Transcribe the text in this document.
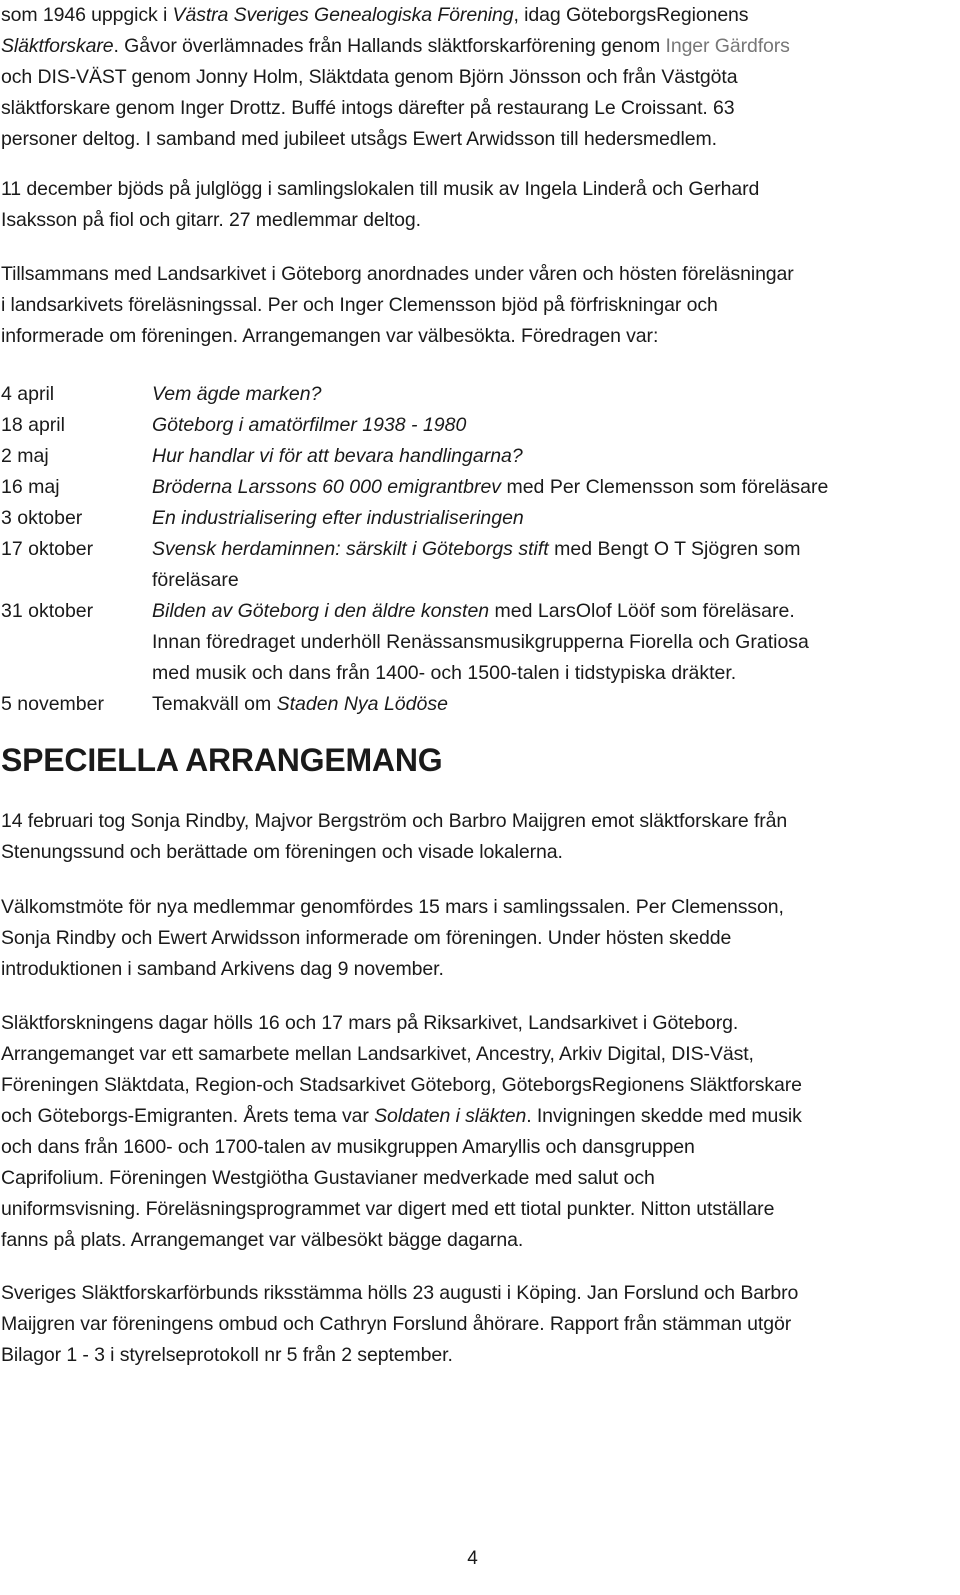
som 1946 uppgick i Västra Sveriges Genealogiska Förening, idag GöteborgsRegionens
Släktforskare. Gåvor överlämnades från Hallands släktforskarförening genom Inger Gärdfors
och DIS-VÄST genom Jonny Holm, Släktdata genom Björn Jönsson och från Västgöta
släktforskare genom Inger Drottz. Buffé intogs därefter på restaurang Le Croissant. 63
personer deltog. I samband med jubileet utsågs Ewert Arwidsson till hedersmedlem.
11 december bjöds på julglögg i samlingslokalen till musik av Ingela Linderå och Gerhard
Isaksson på fiol och gitarr. 27 medlemmar deltog.
Tillsammans med Landsarkivet i Göteborg anordnades under våren och hösten föreläsningar
i landsarkivets föreläsningssal. Per och Inger Clemensson bjöd på förfriskningar och
informerade om föreningen. Arrangemangen var välbesökta. Föredragen var:
4 april	Vem ägde marken?
18 april	Göteborg i amatörfilmer 1938 - 1980
2 maj	Hur handlar vi för att bevara handlingarna?
16 maj	Bröderna Larssons 60 000 emigrantbrev med Per Clemensson som föreläsare
3 oktober	En industrialisering efter industrialiseringen
17 oktober	Svensk herdaminnen: särskilt i Göteborgs stift med Bengt O T Sjögren som
föreläsare
31 oktober	Bilden av Göteborg i den äldre konsten med LarsOlof Lööf som föreläsare.
Innan föredraget underhöll Renässansmusikgrupperna Fiorella och Gratiosa
med musik och dans från 1400- och 1500-talen i tidstypiska dräkter.
5 november	Temakväll om Staden Nya Lödöse
SPECIELLA ARRANGEMANG
14 februari tog Sonja Rindby, Majvor Bergström och Barbro Maijgren emot släktforskare från
Stenungssund och berättade om föreningen och visade lokalerna.
Välkomstmöte för nya medlemmar genomfördes 15 mars i samlingssalen. Per Clemensson,
Sonja Rindby och Ewert Arwidsson informerade om föreningen. Under hösten skedde
introduktionen i samband Arkivens dag 9 november.
Släktforskningens dagar hölls 16 och 17 mars på Riksarkivet, Landsarkivet i Göteborg.
Arrangemanget var ett samarbete mellan Landsarkivet, Ancestry, Arkiv Digital, DIS-Väst,
Föreningen Släktdata, Region-och Stadsarkivet Göteborg, GöteborgsRegionens Släktforskare
och Göteborgs-Emigranten. Årets tema var Soldaten i släkten. Invigningen skedde med musik
och dans från 1600- och 1700-talen av musikgruppen Amaryllis och dansgruppen
Caprifolium. Föreningen Westgiötha Gustavianer medverkade med salut och
uniformsvisning. Föreläsningsprogrammet var digert med ett tiotal punkter. Nitton utställare
fanns på plats. Arrangemanget var välbesökt bägge dagarna.
Sveriges Släktforskarförbunds riksstämma hölls 23 augusti i Köping. Jan Forslund och Barbro
Maijgren var föreningens ombud och Cathryn Forslund åhörare. Rapport från stämman utgör
Bilagor 1 - 3 i styrelseprotokoll nr 5 från 2 september.
4
